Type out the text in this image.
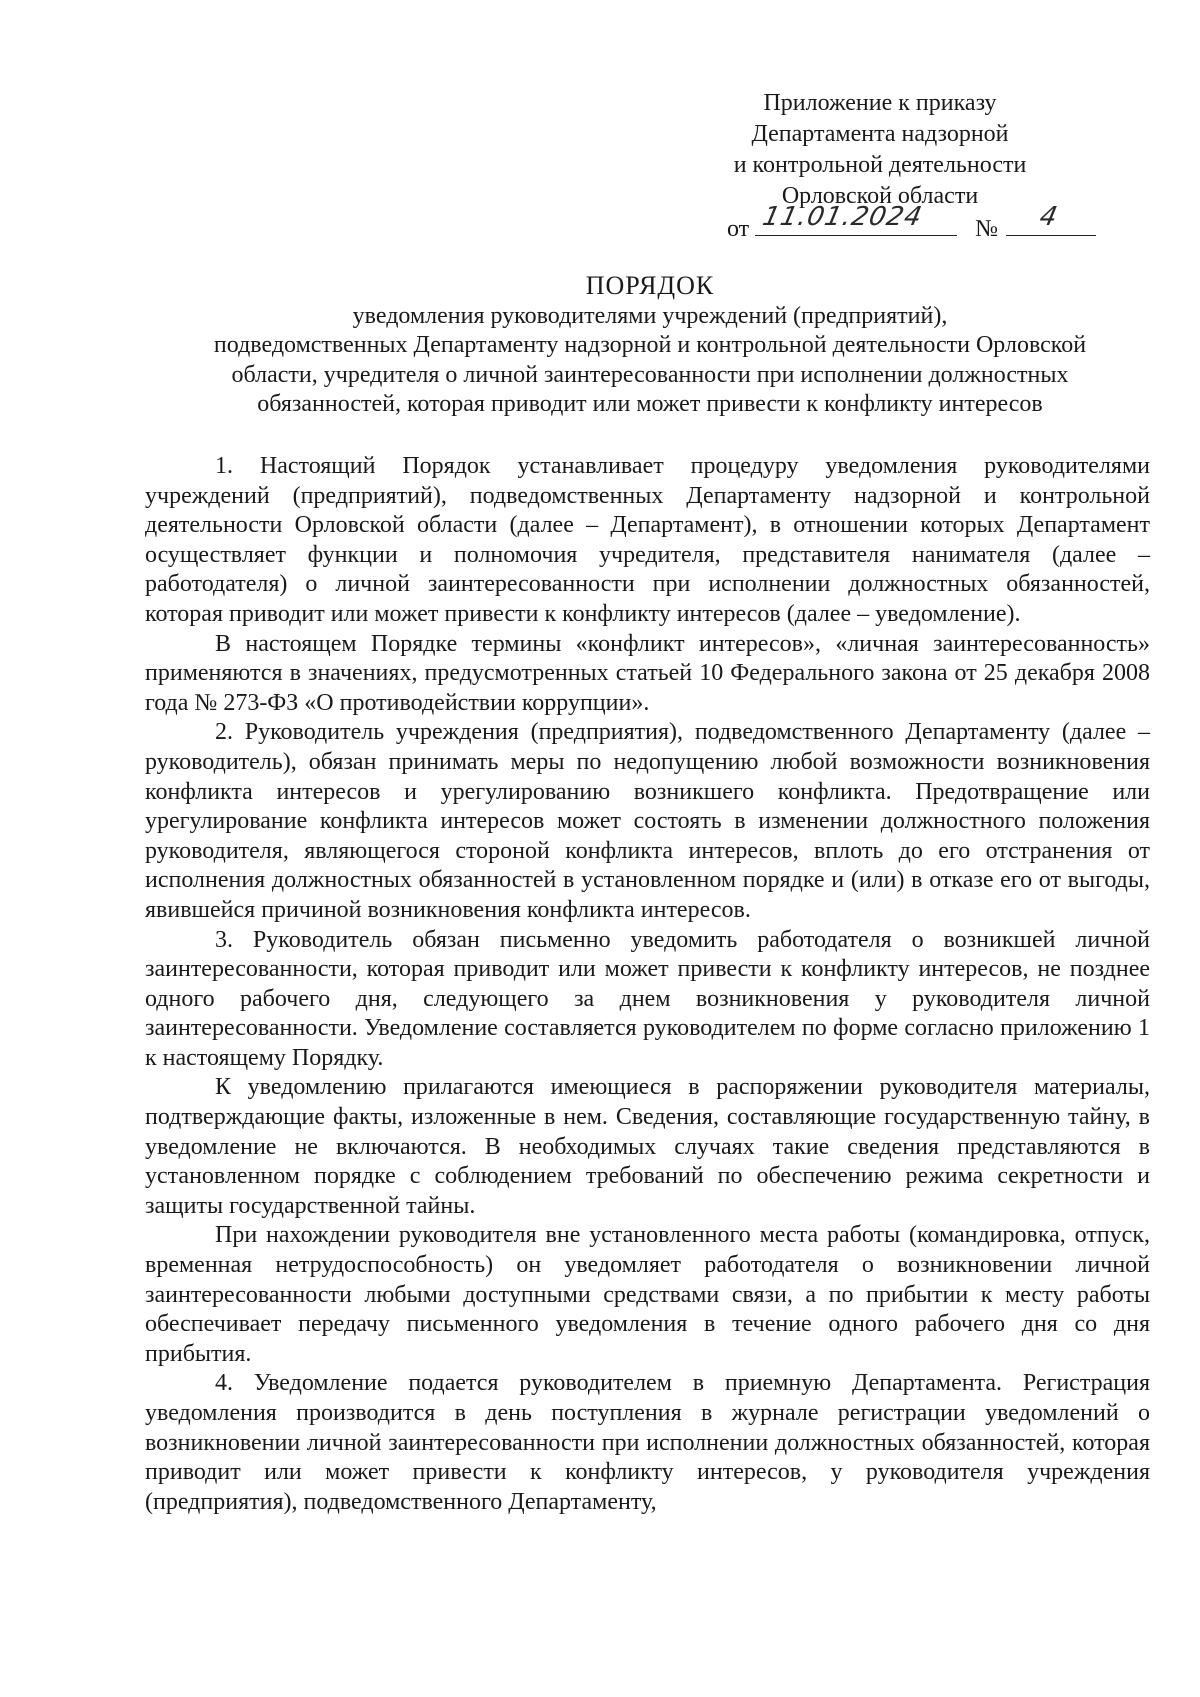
Приложение к приказу
Департамента надзорной
и контрольной деятельности
Орловской области
от 11.01.2024 № 4
ПОРЯДОК
уведомления руководителями учреждений (предприятий),
подведомственных Департаменту надзорной и контрольной деятельности Орловской
области, учредителя о личной заинтересованности при исполнении должностных
обязанностей, которая приводит или может привести к конфликту интересов

1. Настоящий Порядок устанавливает процедуру уведомления руководителями учреждений (предприятий), подведомственных Департаменту надзорной и контрольной деятельности Орловской области (далее – Департамент), в отношении которых Департамент осуществляет функции и полномочия учредителя, представителя нанимателя (далее – работодателя) о личной заинтересованности при исполнении должностных обязанностей, которая приводит или может привести к конфликту интересов (далее – уведомление).

В настоящем Порядке термины «конфликт интересов», «личная заинтересованность» применяются в значениях, предусмотренных статьей 10 Федерального закона от 25 декабря 2008 года № 273-ФЗ «О противодействии коррупции».

2. Руководитель учреждения (предприятия), подведомственного Департаменту (далее – руководитель), обязан принимать меры по недопущению любой возможности возникновения конфликта интересов и урегулированию возникшего конфликта. Предотвращение или урегулирование конфликта интересов может состоять в изменении должностного положения руководителя, являющегося стороной конфликта интересов, вплоть до его отстранения от исполнения должностных обязанностей в установленном порядке и (или) в отказе его от выгоды, явившейся причиной возникновения конфликта интересов.

3. Руководитель обязан письменно уведомить работодателя о возникшей личной заинтересованности, которая приводит или может привести к конфликту интересов, не позднее одного рабочего дня, следующего за днем возникновения у руководителя личной заинтересованности. Уведомление составляется руководителем по форме согласно приложению 1 к настоящему Порядку.

К уведомлению прилагаются имеющиеся в распоряжении руководителя материалы, подтверждающие факты, изложенные в нем. Сведения, составляющие государственную тайну, в уведомление не включаются. В необходимых случаях такие сведения представляются в установленном порядке с соблюдением требований по обеспечению режима секретности и защиты государственной тайны.

При нахождении руководителя вне установленного места работы (командировка, отпуск, временная нетрудоспособность) он уведомляет работодателя о возникновении личной заинтересованности любыми доступными средствами связи, а по прибытии к месту работы обеспечивает передачу письменного уведомления в течение одного рабочего дня со дня прибытия.

4. Уведомление подается руководителем в приемную Департамента. Регистрация уведомления производится в день поступления в журнале регистрации уведомлений о возникновении личной заинтересованности при исполнении должностных обязанностей, которая приводит или может привести к конфликту интересов, у руководителя учреждения (предприятия), подведомственного Департаменту,
